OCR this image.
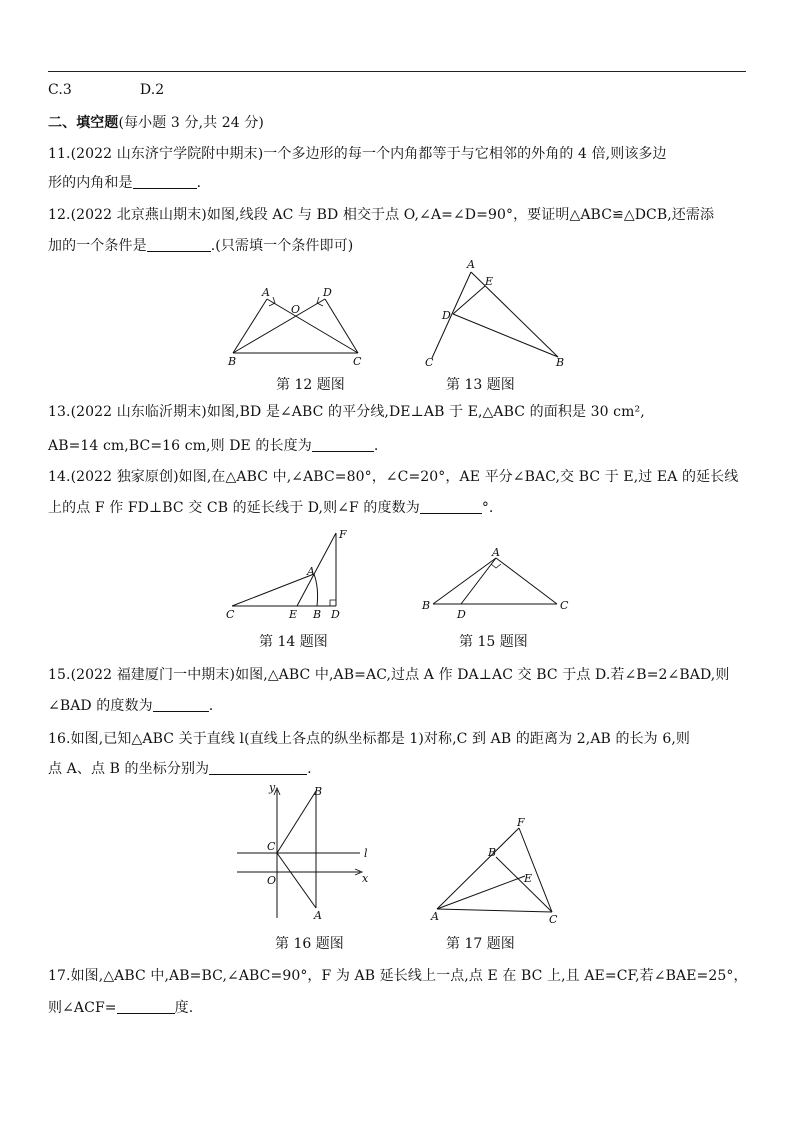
C.3	D.2
二、填空题(每小题 3 分,共 24 分)
11.(2022 山东济宁学院附中期末)一个多边形的每一个内角都等于与它相邻的外角的 4 倍,则该多边
形的内角和是	.
12.(2022 北京燕山期末)如图,线段 AC 与 BD 相交于点 O,∠A=∠D=90°，要证明△ABC≌△DCB,还需添
加的一个条件是	.(只需填一个条件即可)
A	D
O
B	C
第 12 题图
A
E
D
C	B
第 13 题图
13.(2022 山东临沂期末)如图,BD 是∠ABC 的平分线,DE⊥AB 于 E,△ABC 的面积是 30 cm²,
AB=14 cm,BC=16 cm,则 DE 的长度为	.
14.(2022 独家原创)如图,在△ABC 中,∠ABC=80°，∠C=20°，AE 平分∠BAC,交 BC 于 E,过 EA 的延长线
上的点 F 作 FD⊥BC 交 CB 的延长线于 D,则∠F 的度数为	°.
F
A
C	E B D
第 14 题图
A
B
D
C
第 15 题图
15.(2022 福建厦门一中期末)如图,△ABC 中,AB=AC,过点 A 作 DA⊥AC 交 BC 于点 D.若∠B=2∠BAD,则
∠BAD 的度数为	.
16.如图,已知△ABC 关于直线 l(直线上各点的纵坐标都是 1)对称,C 到 AB 的距离为 2,AB 的长为 6,则
点 A、点 B 的坐标分别为	.
y	B
C
l
O	x
A
第 16 题图
F
B
E
A	C
第 17 题图
17.如图,△ABC 中,AB=BC,∠ABC=90°，F 为 AB 延长线上一点,点 E 在 BC 上,且 AE=CF,若∠BAE=25°，
则∠ACF=	度.
